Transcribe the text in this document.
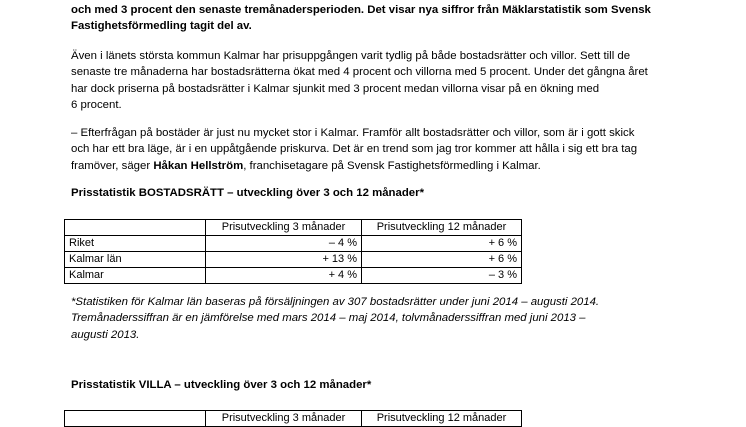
och med 3 procent den senaste tremånadersperioden. Det visar nya siffror från Mäklarstatistik som Svensk
Fastighetsförmedling tagit del av.

Även i länets största kommun Kalmar har prisuppgången varit tydlig på både bostadsrätter och villor. Sett till de
senaste tre månaderna har bostadsrätterna ökat med 4 procent och villorna med 5 procent. Under det gångna året
har dock priserna på bostadsrätter i Kalmar sjunkit med 3 procent medan villorna visar på en ökning med
6 procent.

– Efterfrågan på bostäder är just nu mycket stor i Kalmar. Framför allt bostadsrätter och villor, som är i gott skick
och har ett bra läge, är i en uppåtgående priskurva. Det är en trend som jag tror kommer att hålla i sig ett bra tag
framöver, säger Håkan Hellström, franchisetagare på Svensk Fastighetsförmedling i Kalmar.

Prisstatistik BOSTADSRÄTT – utveckling över 3 och 12 månader*

	Prisutveckling 3 månader	Prisutveckling 12 månader
Riket	– 4 %	+ 6 %
Kalmar län	+ 13 %	+ 6 %
Kalmar	+ 4 %	– 3 %

*Statistiken för Kalmar län baseras på försäljningen av 307 bostadsrätter under juni 2014 – augusti 2014.
Tremånaderssiffran är en jämförelse med mars 2014 – maj 2014, tolvmånaderssiffran med juni 2013 –
augusti 2013.

Prisstatistik VILLA – utveckling över 3 och 12 månader*

	Prisutveckling 3 månader	Prisutveckling 12 månader
